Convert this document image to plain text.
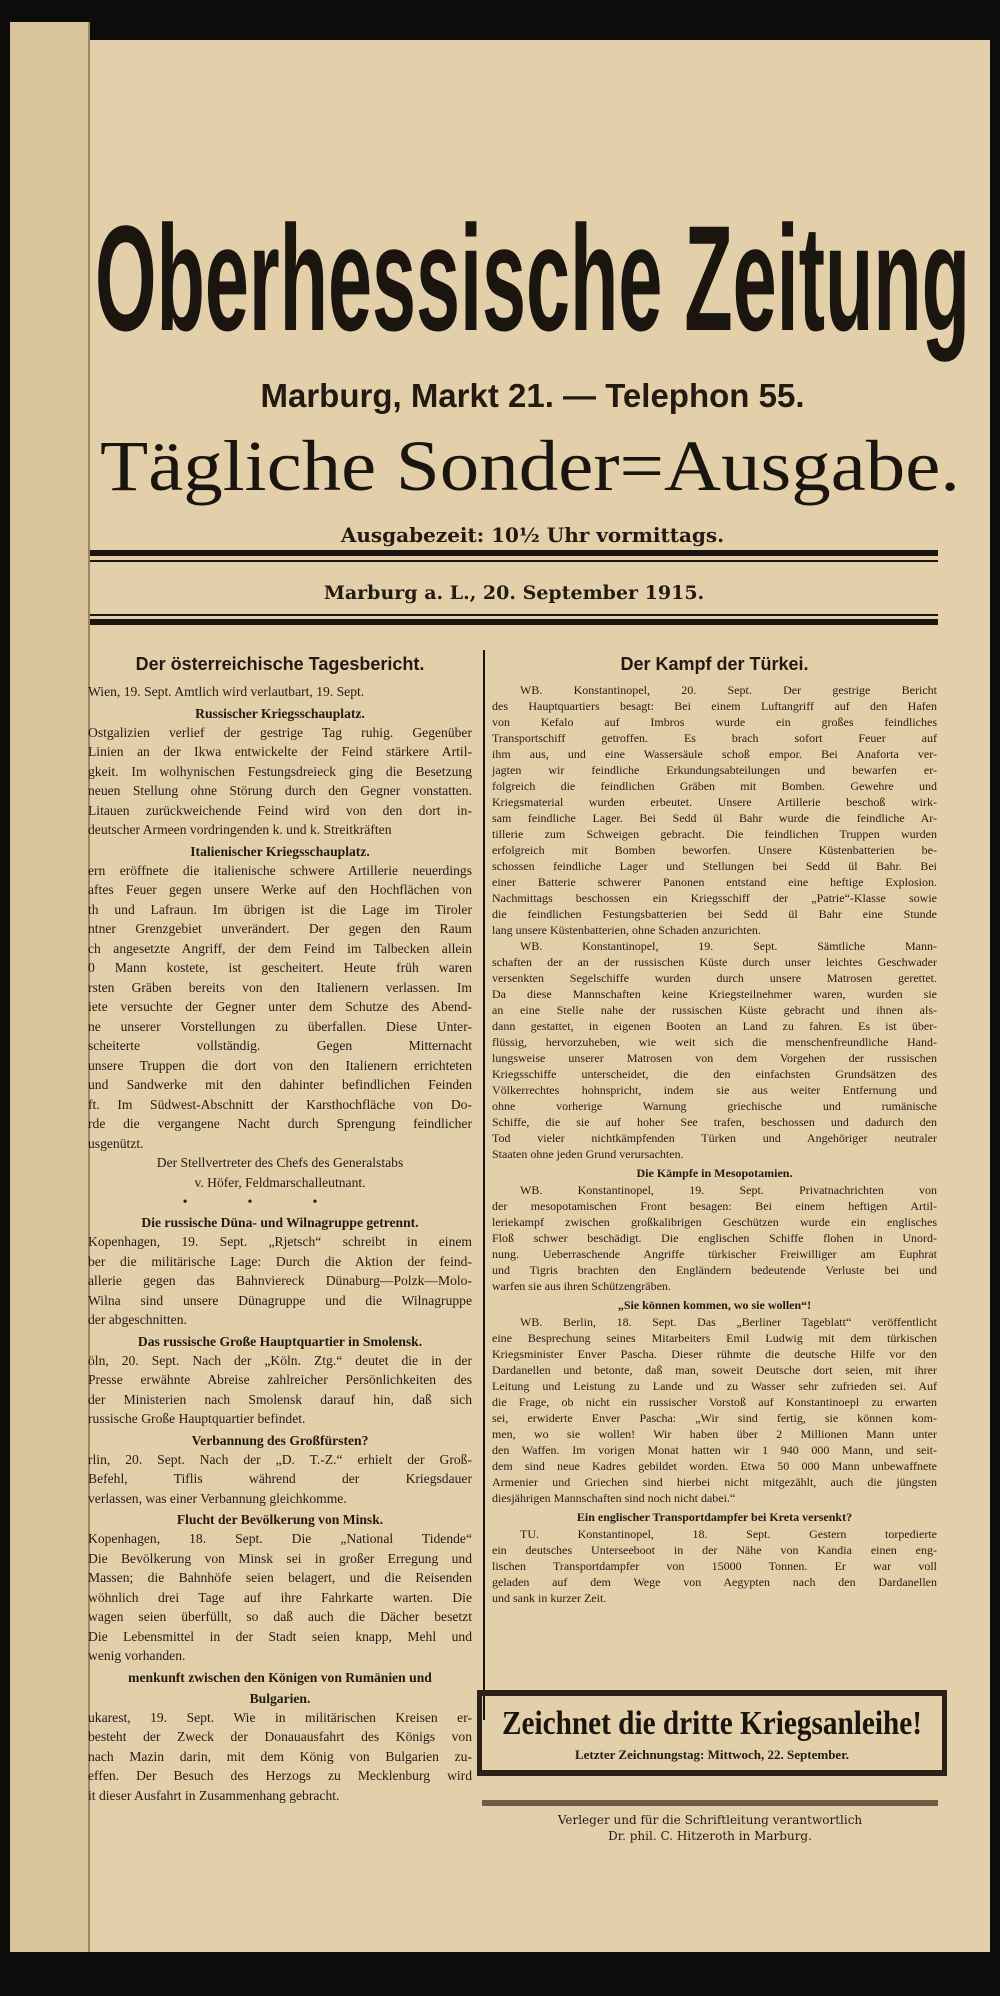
Oberhessische Zeitung
Marburg, Markt 21. — Telephon 55.
Tägliche Sonder=Ausgabe.
Ausgabezeit: 10½ Uhr vormittags.
Marburg a. L., 20. September 1915.
Der österreichische Tagesbericht.
Wien, 19. Sept. Amtlich wird verlautbart, 19. Sept.
Russischer Kriegsschauplatz.
Ostgalizien verlief der gestrige Tag ruhig. Gegenüber
Linien an der Ikwa entwickelte der Feind stärkere Artil-
gkeit. Im wolhynischen Festungsdreieck ging die Besetzung
neuen Stellung ohne Störung durch den Gegner vonstatten.
Litauen zurückweichende Feind wird von den dort in-
deutscher Armeen vordringenden k. und k. Streitkräften
Italienischer Kriegsschauplatz.
ern eröffnete die italienische schwere Artillerie neuerdings
aftes Feuer gegen unsere Werke auf den Hochflächen von
th und Lafraun. Im übrigen ist die Lage im Tiroler
ntner Grenzgebiet unverändert. Der gegen den Raum
ch angesetzte Angriff, der dem Feind im Talbecken allein
0 Mann kostete, ist gescheitert. Heute früh waren
rsten Gräben bereits von den Italienern verlassen. Im
iete versuchte der Gegner unter dem Schutze des Abend-
ne unserer Vorstellungen zu überfallen. Diese Unter-
scheiterte vollständig. Gegen Mitternacht
unsere Truppen die dort von den Italienern errichteten
und Sandwerke mit den dahinter befindlichen Feinden
ft. Im Südwest-Abschnitt der Karsthochfläche von Do-
rde die vergangene Nacht durch Sprengung feindlicher
usgenützt.
Der Stellvertreter des Chefs des Generalstabs
v. Höfer, Feldmarschalleutnant.
•••
Die russische Düna- und Wilnagruppe getrennt.
Kopenhagen, 19. Sept. „Rjetsch“ schreibt in einem
ber die militärische Lage: Durch die Aktion der feind-
allerie gegen das Bahnviereck Dünaburg—Polzk—Molo-
Wilna sind unsere Dünagruppe und die Wilnagruppe
der abgeschnitten.
Das russische Große Hauptquartier in Smolensk.
öln, 20. Sept. Nach der „Köln. Ztg.“ deutet die in der
Presse erwähnte Abreise zahlreicher Persönlichkeiten des
der Ministerien nach Smolensk darauf hin, daß sich
russische Große Hauptquartier befindet.
Verbannung des Großfürsten?
rlin, 20. Sept. Nach der „D. T.-Z.“ erhielt der Groß-
Befehl, Tiflis während der Kriegsdauer
verlassen, was einer Verbannung gleichkomme.
Flucht der Bevölkerung von Minsk.
Kopenhagen, 18. Sept. Die „National Tidende“
Die Bevölkerung von Minsk sei in großer Erregung und
Massen; die Bahnhöfe seien belagert, und die Reisenden
wöhnlich drei Tage auf ihre Fahrkarte warten. Die
wagen seien überfüllt, so daß auch die Dächer besetzt
Die Lebensmittel in der Stadt seien knapp, Mehl und
wenig vorhanden.
menkunft zwischen den Königen von Rumänien und
Bulgarien.
ukarest, 19. Sept. Wie in militärischen Kreisen er-
besteht der Zweck der Donauausfahrt des Königs von
nach Mazin darin, mit dem König von Bulgarien zu-
effen. Der Besuch des Herzogs zu Mecklenburg wird
it dieser Ausfahrt in Zusammenhang gebracht.
Der Kampf der Türkei.
WB. Konstantinopel, 20. Sept. Der gestrige Bericht
des Hauptquartiers besagt: Bei einem Luftangriff auf den Hafen
von Kefalo auf Imbros wurde ein großes feindliches
Transportschiff getroffen. Es brach sofort Feuer auf
ihm aus, und eine Wassersäule schoß empor. Bei Anaforta ver-
jagten wir feindliche Erkundungsabteilungen und bewarfen er-
folgreich die feindlichen Gräben mit Bomben. Gewehre und
Kriegsmaterial wurden erbeutet. Unsere Artillerie beschoß wirk-
sam feindliche Lager. Bei Sedd ül Bahr wurde die feindliche Ar-
tillerie zum Schweigen gebracht. Die feindlichen Truppen wurden
erfolgreich mit Bomben beworfen. Unsere Küstenbatterien be-
schossen feindliche Lager und Stellungen bei Sedd ül Bahr. Bei
einer Batterie schwerer Panonen entstand eine heftige Explosion.
Nachmittags beschossen ein Kriegsschiff der „Patrie“-Klasse sowie
die feindlichen Festungsbatterien bei Sedd ül Bahr eine Stunde
lang unsere Küstenbatterien, ohne Schaden anzurichten.
WB. Konstantinopel, 19. Sept. Sämtliche Mann-
schaften der an der russischen Küste durch unser leichtes Geschwader
versenkten Segelschiffe wurden durch unsere Matrosen gerettet.
Da diese Mannschaften keine Kriegsteilnehmer waren, wurden sie
an eine Stelle nahe der russischen Küste gebracht und ihnen als-
dann gestattet, in eigenen Booten an Land zu fahren. Es ist über-
flüssig, hervorzuheben, wie weit sich die menschenfreundliche Hand-
lungsweise unserer Matrosen von dem Vorgehen der russischen
Kriegsschiffe unterscheidet, die den einfachsten Grundsätzen des
Völkerrechtes hohnspricht, indem sie aus weiter Entfernung und
ohne vorherige Warnung griechische und rumänische
Schiffe, die sie auf hoher See trafen, beschossen und dadurch den
Tod vieler nichtkämpfenden Türken und Angehöriger neutraler
Staaten ohne jeden Grund verursachten.
Die Kämpfe in Mesopotamien.
WB. Konstantinopel, 19. Sept. Privatnachrichten von
der mesopotamischen Front besagen: Bei einem heftigen Artil-
leriekampf zwischen großkalibrigen Geschützen wurde ein englisches
Floß schwer beschädigt. Die englischen Schiffe flohen in Unord-
nung. Ueberraschende Angriffe türkischer Freiwilliger am Euphrat
und Tigris brachten den Engländern bedeutende Verluste bei und
warfen sie aus ihren Schützengräben.
„Sie können kommen, wo sie wollen“!
WB. Berlin, 18. Sept. Das „Berliner Tageblatt“ veröffentlicht
eine Besprechung seines Mitarbeiters Emil Ludwig mit dem türkischen
Kriegsminister Enver Pascha. Dieser rühmte die deutsche Hilfe vor den
Dardanellen und betonte, daß man, soweit Deutsche dort seien, mit ihrer
Leitung und Leistung zu Lande und zu Wasser sehr zufrieden sei. Auf
die Frage, ob nicht ein russischer Vorstoß auf Konstantinoepl zu erwarten
sei, erwiderte Enver Pascha: „Wir sind fertig, sie können kom-
men, wo sie wollen! Wir haben über 2 Millionen Mann unter
den Waffen. Im vorigen Monat hatten wir 1 940 000 Mann, und seit-
dem sind neue Kadres gebildet worden. Etwa 50 000 Mann unbewaffnete
Armenier und Griechen sind hierbei nicht mitgezählt, auch die jüngsten
diesjährigen Mannschaften sind noch nicht dabei.“
Ein englischer Transportdampfer bei Kreta versenkt?
TU. Konstantinopel, 18. Sept. Gestern torpedierte
ein deutsches Unterseeboot in der Nähe von Kandia einen eng-
lischen Transportdampfer von 15000 Tonnen. Er war voll
geladen auf dem Wege von Aegypten nach den Dardanellen
und sank in kurzer Zeit.
Zeichnet die dritte Kriegsanleihe!
Letzter Zeichnungstag: Mittwoch, 22. September.
Verleger und für die Schriftleitung verantwortlich
Dr. phil. C. Hitzeroth in Marburg.
